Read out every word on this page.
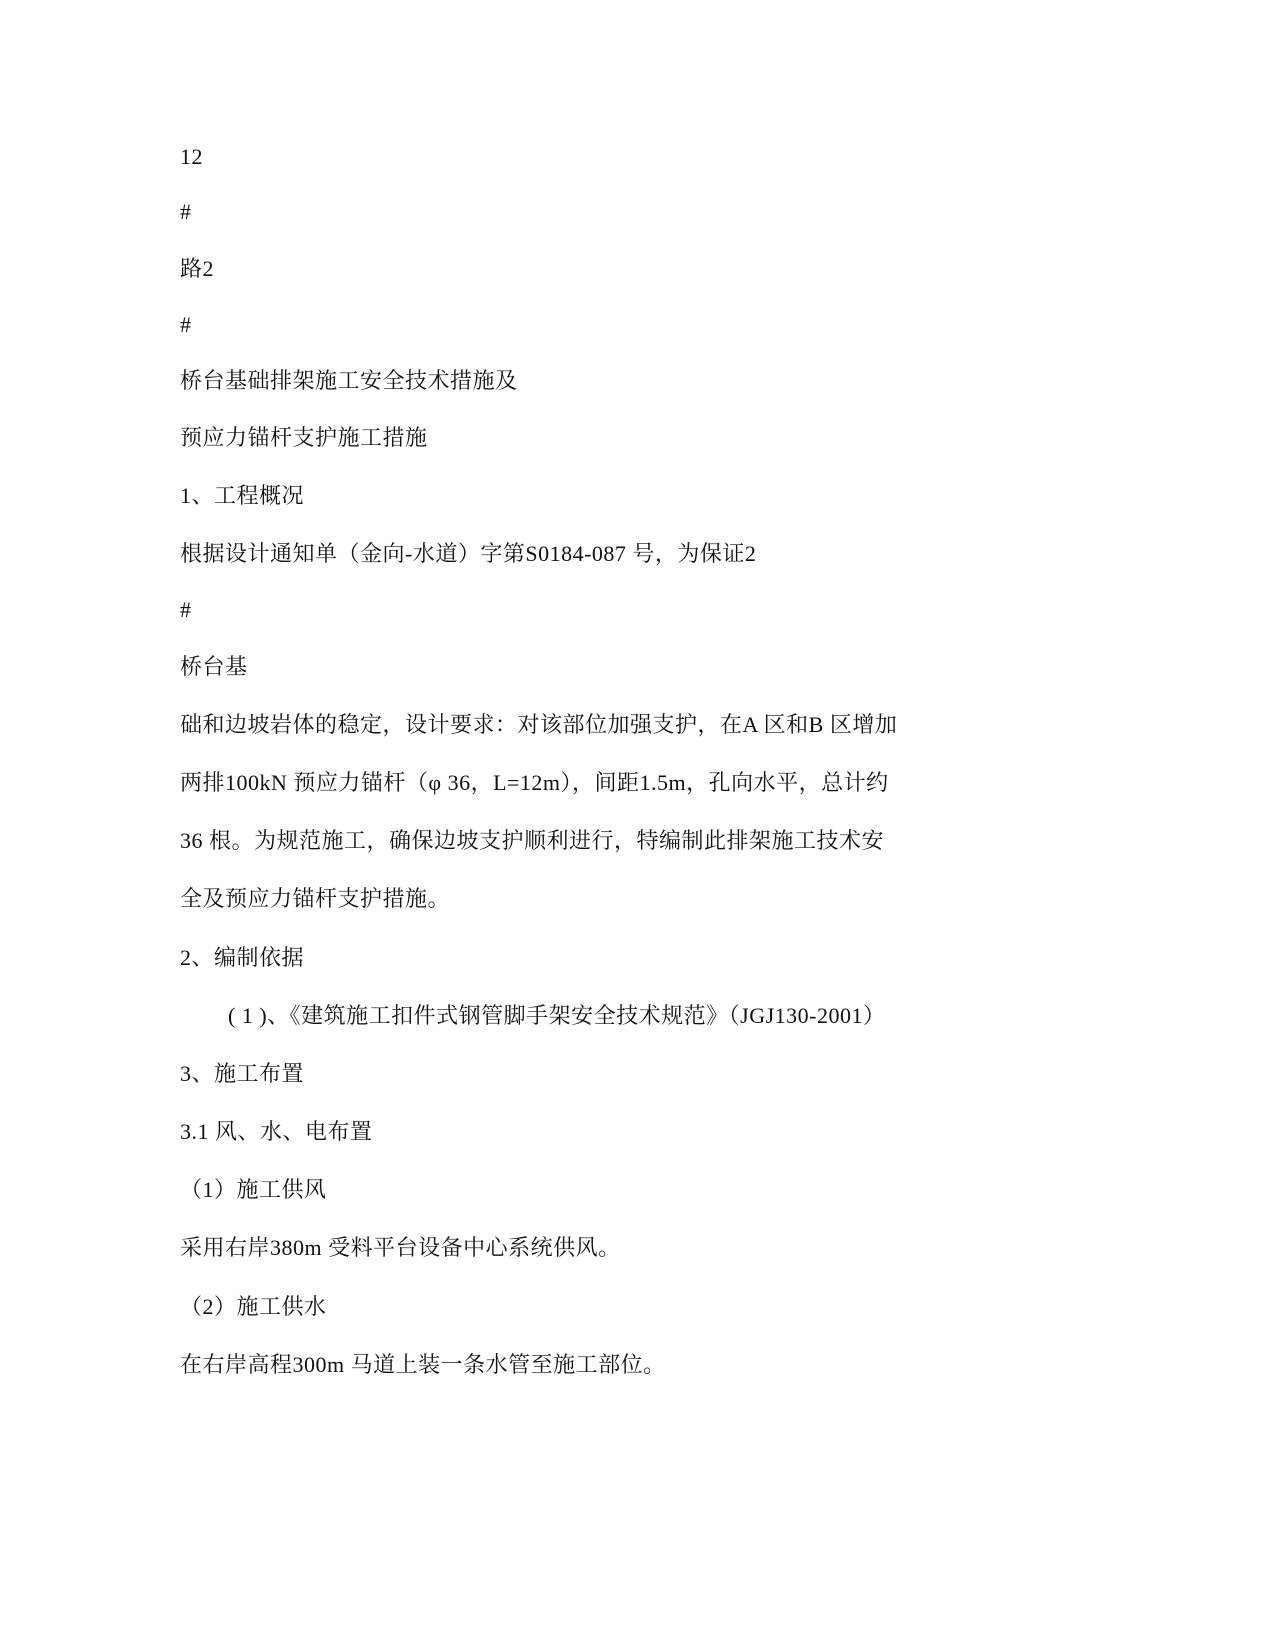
12
#
路2
#
桥台基础排架施工安全技术措施及
预应力锚杆支护施工措施
1、工程概况
根据设计通知单（金向-水道）字第S0184-087 号，为保证2
#
桥台基
础和边坡岩体的稳定，设计要求：对该部位加强支护，在A 区和B 区增加
两排100kN 预应力锚杆（φ 36，L=12m），间距1.5m，孔向水平，总计约
36 根。为规范施工，确保边坡支护顺利进行，特编制此排架施工技术安
全及预应力锚杆支护措施。
2、编制依据
( 1 )、《建筑施工扣件式钢管脚手架安全技术规范》（JGJ130-2001）
3、施工布置
3.1 风、水、电布置
（1）施工供风
采用右岸380m 受料平台设备中心系统供风。
（2）施工供水
在右岸高程300m 马道上装一条水管至施工部位。
